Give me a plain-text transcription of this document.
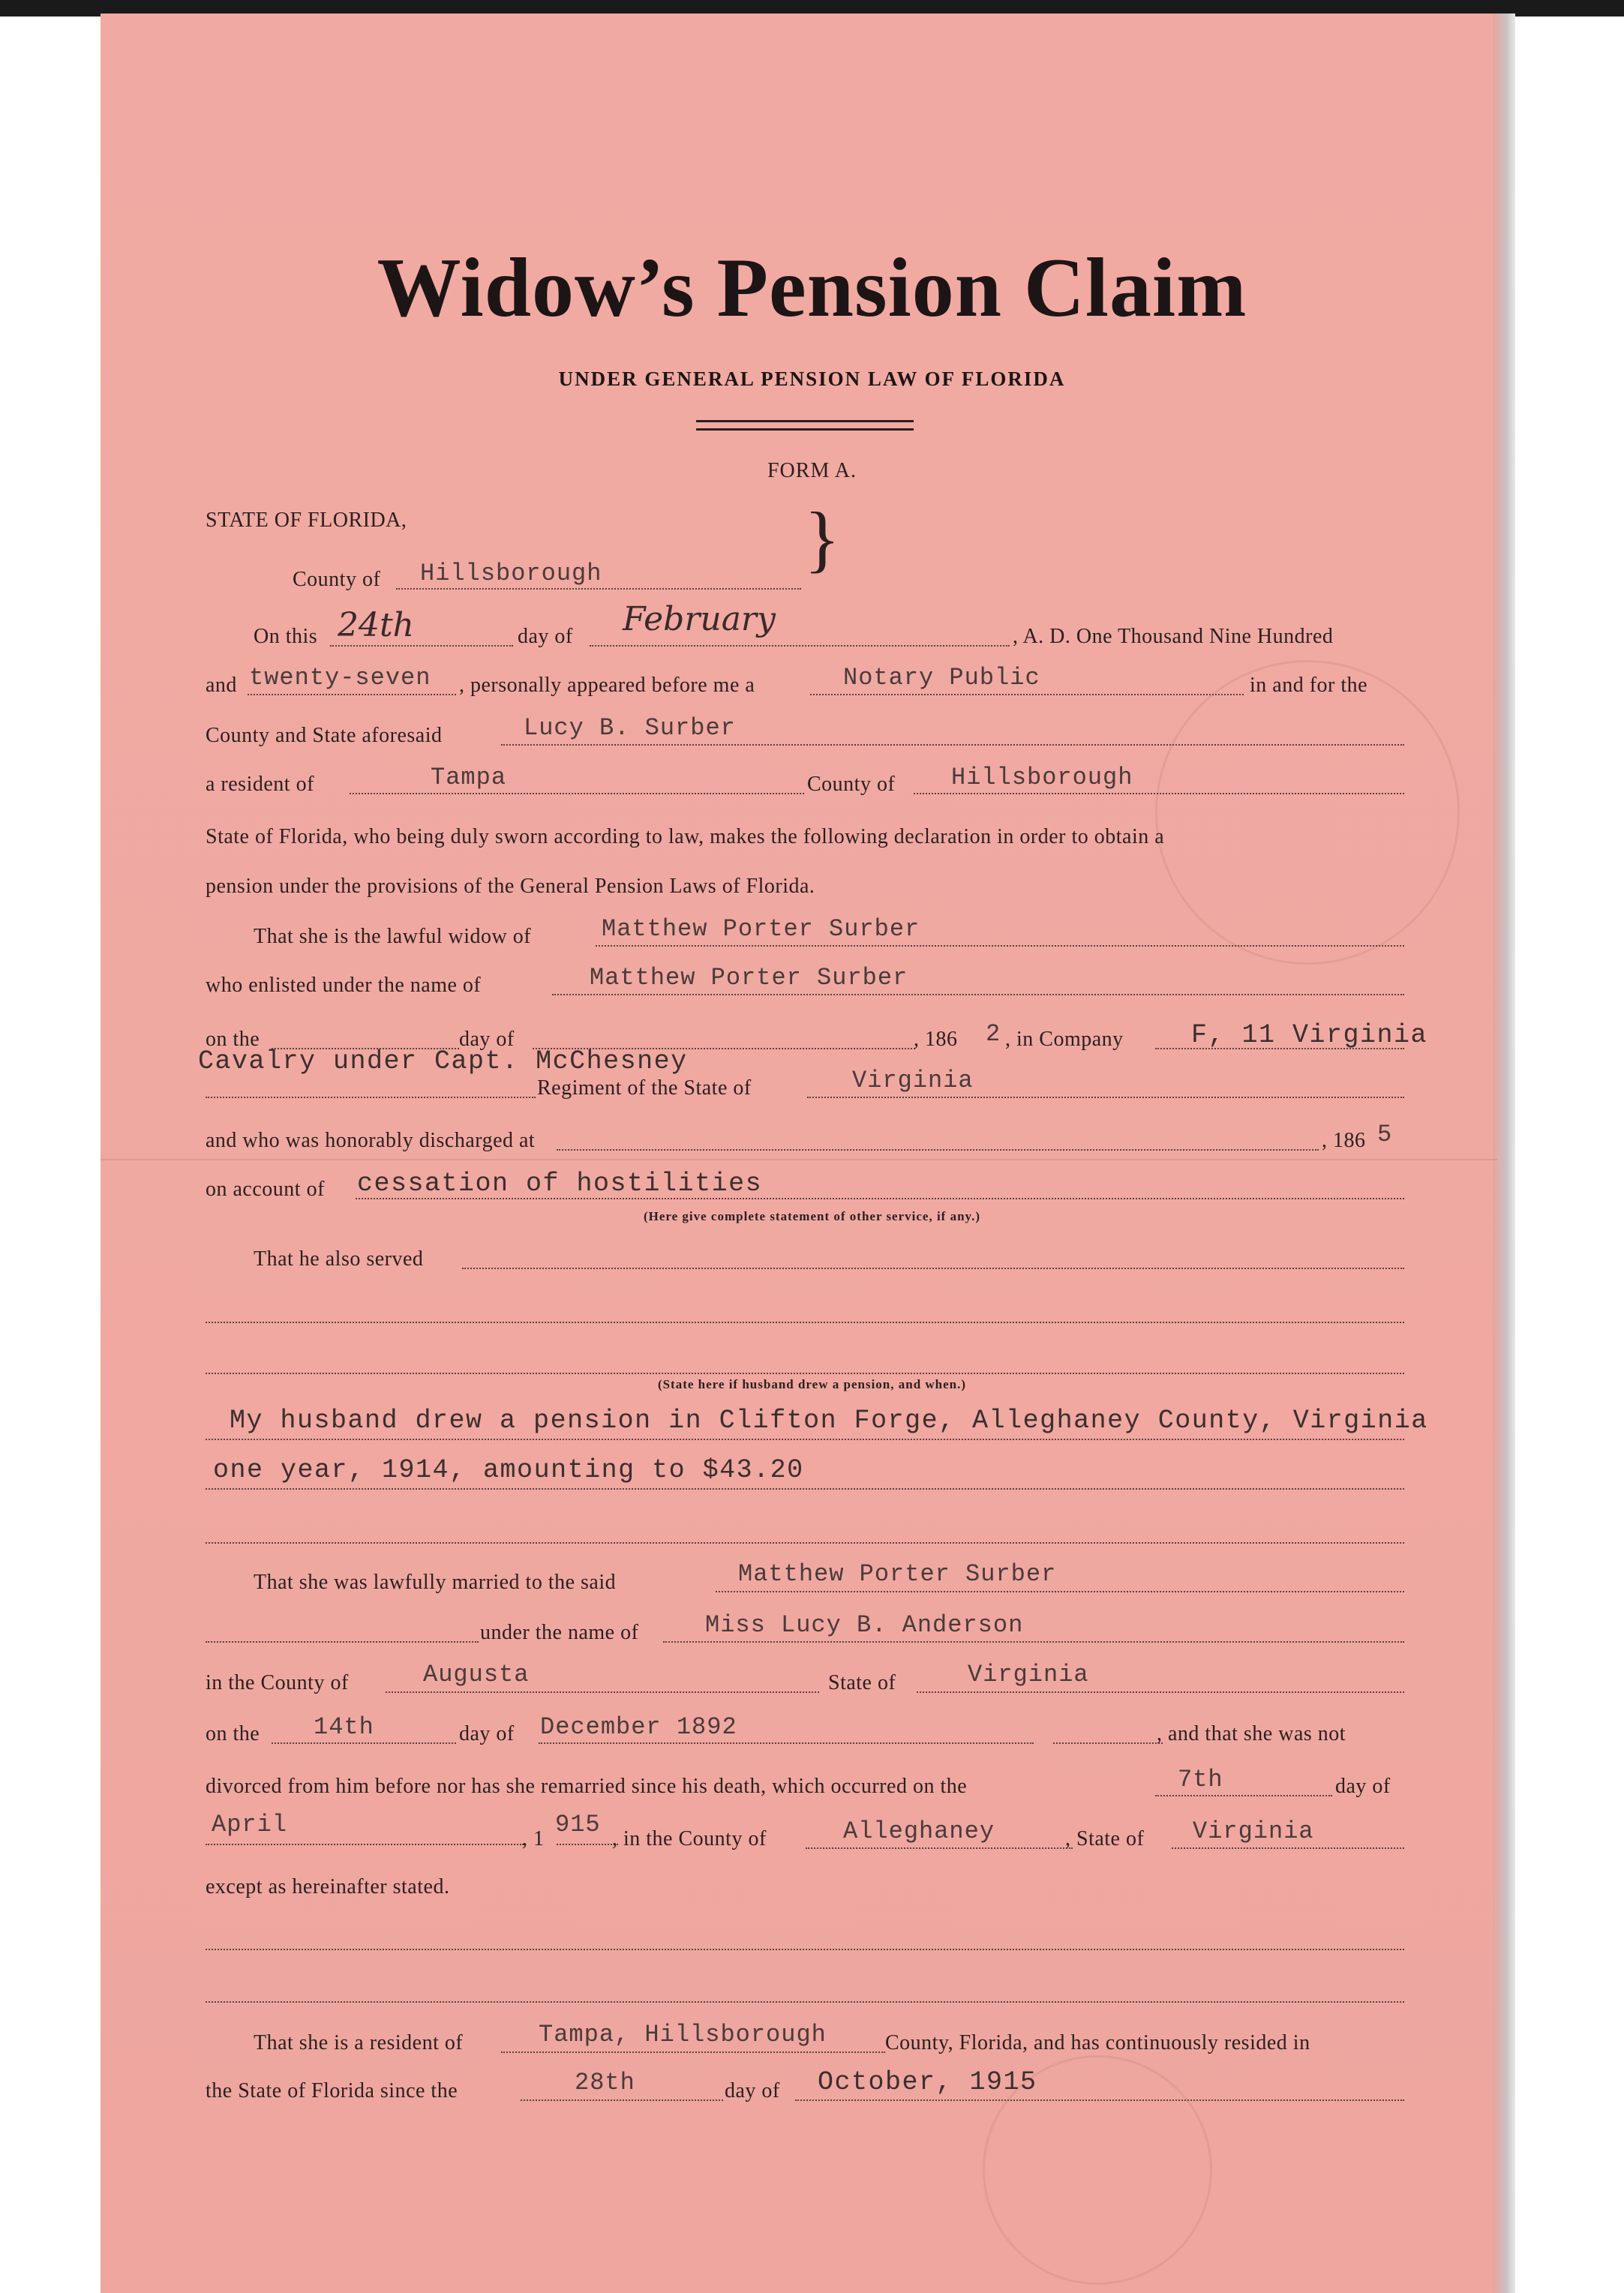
Widow’s Pension Claim
UNDER GENERAL PENSION LAW OF FLORIDA
FORM A.
STATE OF FLORIDA,	}
County of Hillsborough
On this 24th	day of February	, A. D. One Thousand Nine Hundred
and twenty-seven , personally appeared before me a	Notary Public	in and for the
County and State aforesaid	Lucy B. Surber
a resident of	Tampa	County of Hillsborough
State of Florida, who being duly sworn according to law, makes the following declaration in order to obtain a
pension under the provisions of the General Pension Laws of Florida.
That she is the lawful widow of	Matthew Porter Surber
who enlisted under the name of	Matthew Porter Surber
on the	day of	, 186 2 , in Company	F, 11 Virginia
Cavalry under Capt. McChesney
Regiment of the State of	Virginia
and who was honorably discharged at	, 186 5
on account of cessation of hostilities
(Here give complete statement of other service, if any.)
That he also served
(State here if husband drew a pension, and when.)
My husband drew a pension in Clifton Forge, Alleghaney County, Virginia
one year, 1914, amounting to $43.20
That she was lawfully married to the said	Matthew Porter Surber
under the name of	Miss Lucy B. Anderson
in the County of	Augusta	State of	Virginia
on the 14th	day of December 1892	, and that she was not
divorced from him before nor has she remarried since his death, which occurred on the	7th	day of
April
, 1
915
, in the County of	Alleghaney	, State of Virginia
except as hereinafter stated.
That she is a resident of	Tampa, Hillsborough	County, Florida, and has continuously resided in
the State of Florida since the	28th	day of October, 1915
